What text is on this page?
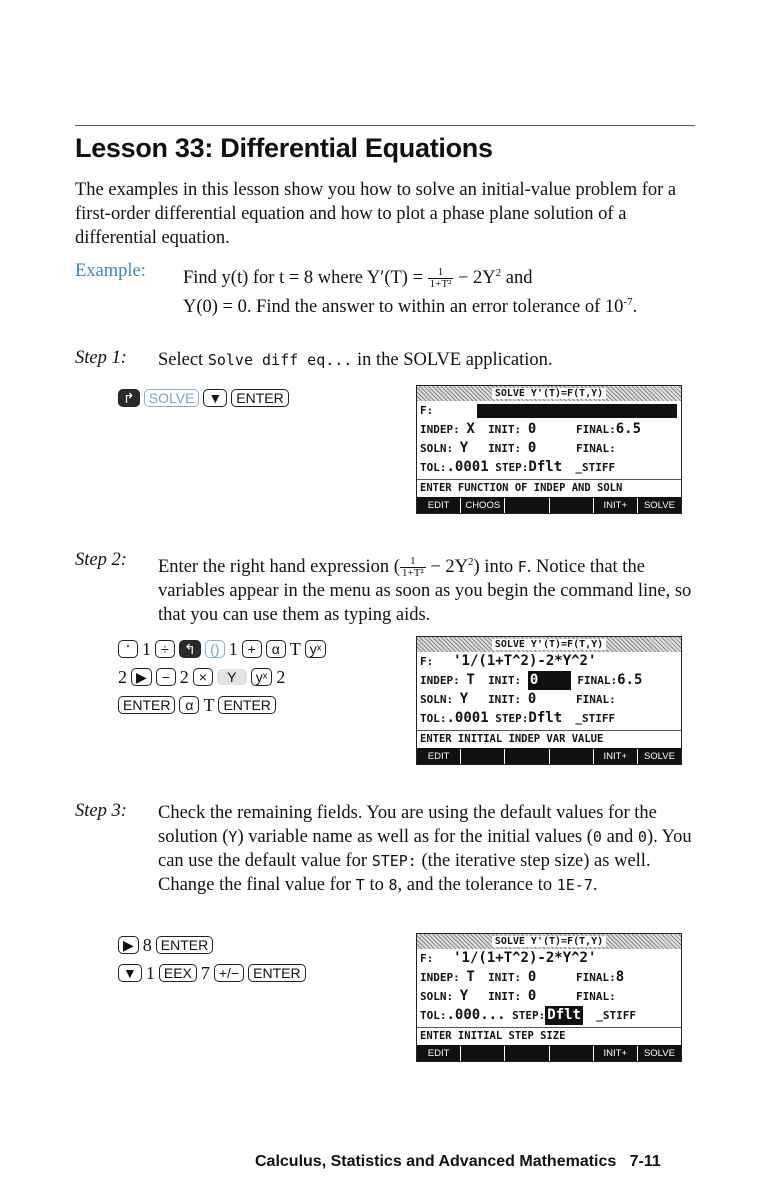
Lesson 33: Differential Equations
The examples in this lesson show you how to solve an initial-value problem for a first-order differential equation and how to plot a phase plane solution of a differential equation.
Example: Find y(t) for t = 8 where $Y'(T) = \frac{1}{\text{1+T²}} - 2Y^2$ and
Y(0) = 0. Find the answer to within an error tolerance of $10^{-7}$.
Step 1: Select Solve diff eq... in the SOLVE application.
↱ SOLVE ▼ ENTER
Step 2: Enter the right hand expression ( $\frac{1}{\text{1+T²}} - 2Y^2$) into F. Notice that the variables appear in the menu as soon as you begin the command line, so that you can use them as typing aids.
' 1 ÷ ↰ () 1 + α T yˣ
2 ▶ − 2 × Y yˣ 2
ENTER α T ENTER
Step 3: Check the remaining fields. You are using the default values for the solution (Y) variable name as well as for the initial values (0 and 0). You can use the default value for STEP: (the iterative step size) as well. Change the final value for T to 8, and the tolerance to 1E-7.
▶ 8 ENTER
▼ 1 EEX 7 +/− ENTER
SOLVE Y'(T)=F(T,Y)
F:
INDEP: X INIT: 0	FINAL:6.5
SOLN: Y INIT: 0	FINAL:
TOL:.0001 STEP:Dflt _STIFF
ENTER FUNCTION OF INDEP AND SOLN
EDIT	CHOOS	INIT+	SOLVE
SOLVE Y'(T)=F(T,Y)
F: '1/(1+T^2)-2*Y^2'
INDEP: T INIT: 0	FINAL:6.5
SOLN: Y INIT: 0	FINAL:
TOL:.0001 STEP:Dflt _STIFF
ENTER INITIAL INDEP VAR VALUE
EDIT	INIT+	SOLVE
SOLVE Y'(T)=F(T,Y)
F: '1/(1+T^2)-2*Y^2'
INDEP: T INIT: 0	FINAL:8
SOLN: Y INIT: 0	FINAL:
TOL:.000... STEP: Dflt _STIFF
ENTER INITIAL STEP SIZE
EDIT	INIT+	SOLVE
Calculus, Statistics and Advanced Mathematics 7-11
